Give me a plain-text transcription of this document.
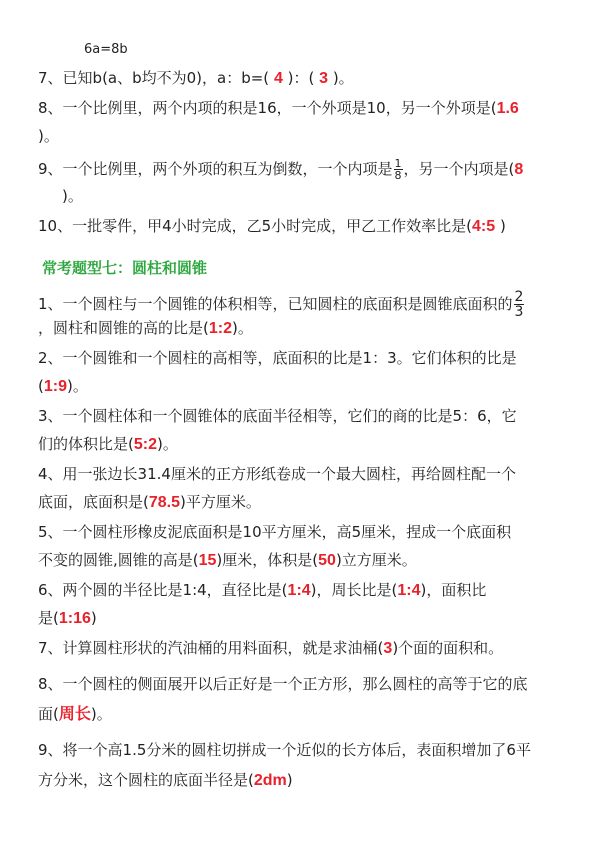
6a=8b
7、已知b(a、b均不为0)，a：b=( 4 )：( 3 )。
8、一个比例里，两个内项的积是16，一个外项是10，另一个外项是(1.6
)。
9、一个比例里，两个外项的积互为倒数，一个内项是 $\frac{1}{8}$ ，另一个内项是(8
)。
10、一批零件，甲4小时完成，乙5小时完成，甲乙工作效率比是(4:5 )
常考题型七：圆柱和圆锥
1、一个圆柱与一个圆锥的体积相等，已知圆柱的底面积是圆锥底面积的 $\frac{2}{3}$
，圆柱和圆锥的高的比是(1:2)。
2、一个圆锥和一个圆柱的高相等，底面积的比是1：3。它们体积的比是
(1:9)。
3、一个圆柱体和一个圆锥体的底面半径相等，它们的商的比是5：6，它
们的体积比是(5:2)。
4、用一张边长31.4厘米的正方形纸卷成一个最大圆柱，再给圆柱配一个
底面，底面积是(78.5)平方厘米。
5、一个圆柱形橡皮泥底面积是10平方厘米，高5厘米，捏成一个底面积
不变的圆锥,圆锥的高是(15)厘米，体积是(50)立方厘米。
6、两个圆的半径比是1:4，直径比是(1:4)，周长比是(1:4)，面积比
是(1:16)
7、计算圆柱形状的汽油桶的用料面积，就是求油桶(3)个面的面积和。
8、一个圆柱的侧面展开以后正好是一个正方形，那么圆柱的高等于它的底
面(周长)。
9、将一个高1.5分米的圆柱切拼成一个近似的长方体后，表面积增加了6平
方分米，这个圆柱的底面半径是(2dm)
